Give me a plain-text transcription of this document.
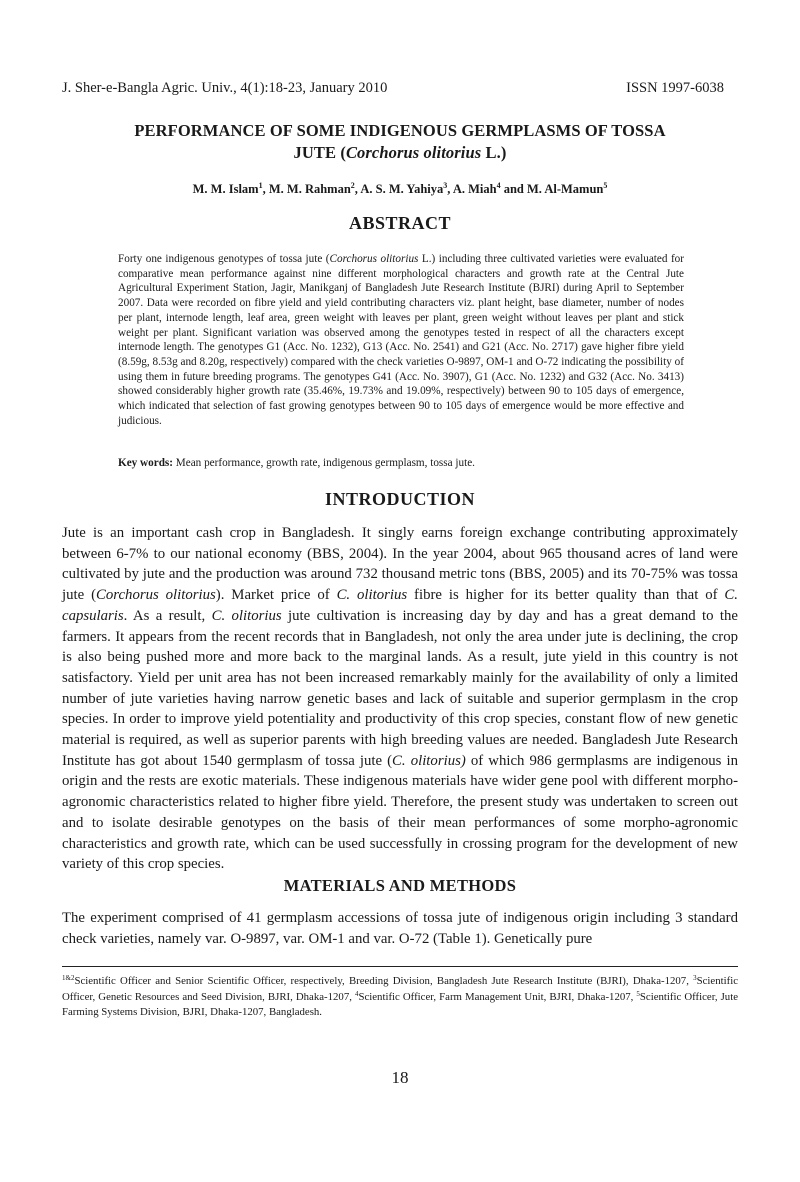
J. Sher-e-Bangla Agric. Univ., 4(1):18-23, January 2010	ISSN 1997-6038
PERFORMANCE OF SOME INDIGENOUS GERMPLASMS OF TOSSA
JUTE (Corchorus olitorius L.)
M. M. Islam$^1$, M. M. Rahman$^2$, A. S. M. Yahiya$^3$, A. Miah$^4$ and M. Al-Mamun$^5$
ABSTRACT
Forty one indigenous genotypes of tossa jute (Corchorus olitorius L.) including three cultivated varieties were evaluated for comparative mean performance against nine different morphological characters and growth rate at the Central Jute Agricultural Experiment Station, Jagir, Manikganj of Bangladesh Jute Research Institute (BJRI) during April to September 2007. Data were recorded on fibre yield and yield contributing characters viz. plant height, base diameter, number of nodes per plant, internode length, leaf area, green weight with leaves per plant, green weight without leaves per plant and stick weight per plant. Significant variation was observed among the genotypes tested in respect of all the characters except internode length. The genotypes G1 (Acc. No. 1232), G13 (Acc. No. 2541) and G21 (Acc. No. 2717) gave higher fibre yield (8.59g, 8.53g and 8.20g, respectively) compared with the check varieties O-9897, OM-1 and O-72 indicating the possibility of using them in future breeding programs. The genotypes G41 (Acc. No. 3907), G1 (Acc. No. 1232) and G32 (Acc. No. 3413) showed considerably higher growth rate (35.46%, 19.73% and 19.09%, respectively) between 90 to 105 days of emergence, which indicated that selection of fast growing genotypes between 90 to 105 days of emergence would be more effective and judicious.
Key words: Mean performance, growth rate, indigenous germplasm, tossa jute.
INTRODUCTION
Jute is an important cash crop in Bangladesh. It singly earns foreign exchange contributing approximately between 6-7% to our national economy (BBS, 2004). In the year 2004, about 965 thousand acres of land were cultivated by jute and the production was around 732 thousand metric tons (BBS, 2005) and its 70-75% was tossa jute (Corchorus olitorius). Market price of C. olitorius fibre is higher for its better quality than that of C. capsularis. As a result, C. olitorius jute cultivation is increasing day by day and has a great demand to the farmers. It appears from the recent records that in Bangladesh, not only the area under jute is declining, the crop is also being pushed more and more back to the marginal lands. As a result, jute yield in this country is not satisfactory. Yield per unit area has not been increased remarkably mainly for the availability of only a limited number of jute varieties having narrow genetic bases and lack of suitable and superior germplasm in the crop species. In order to improve yield potentiality and productivity of this crop species, constant flow of new genetic material is required, as well as superior parents with high breeding values are needed. Bangladesh Jute Research Institute has got about 1540 germplasm of tossa jute (C. olitorius) of which 986 germplasms are indigenous in origin and the rests are exotic materials. These indigenous materials have wider gene pool with different morpho-agronomic characteristics related to higher fibre yield. Therefore, the present study was undertaken to screen out and to isolate desirable genotypes on the basis of their mean performances of some morpho-agronomic characteristics and growth rate, which can be used successfully in crossing program for the development of new variety of this crop species.
MATERIALS AND METHODS
The experiment comprised of 41 germplasm accessions of tossa jute of indigenous origin including 3 standard check varieties, namely var. O-9897, var. OM-1 and var. O-72 (Table 1). Genetically pure
$^{1\&2}$Scientific Officer and Senior Scientific Officer, respectively, Breeding Division, Bangladesh Jute Research Institute (BJRI), Dhaka-1207, $^3$Scientific Officer, Genetic Resources and Seed Division, BJRI, Dhaka-1207, $^4$Scientific Officer, Farm Management Unit, BJRI, Dhaka-1207, $^5$Scientific Officer, Jute Farming Systems Division, BJRI, Dhaka-1207, Bangladesh.
18
